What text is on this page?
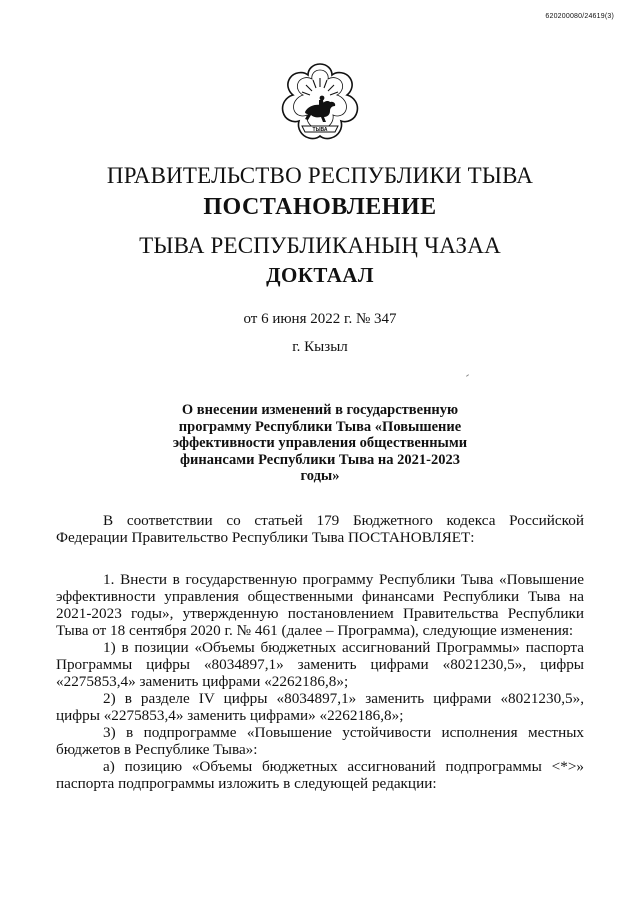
620200080/24619(3)
ТЫВА
ПРАВИТЕЛЬСТВО РЕСПУБЛИКИ ТЫВА
ПОСТАНОВЛЕНИЕ
ТЫВА РЕСПУБЛИКАНЫҢ ЧАЗАА
ДОКТААЛ
от 6 июня 2022 г. № 347
г. Кызыл
О внесении изменений в государственную
программу Республики Тыва «Повышение
эффективности управления общественными
финансами Республики Тыва на 2021-2023 годы»

В соответствии со статьей 179 Бюджетного кодекса Российской Федерации Правительство Республики Тыва ПОСТАНОВЛЯЕТ:

1. Внести в государственную программу Республики Тыва «Повышение эффективности управления общественными финансами Республики Тыва на 2021-2023 годы», утвержденную постановлением Правительства Республики Тыва от 18 сентября 2020 г. № 461 (далее – Программа), следующие изменения:

1) в позиции «Объемы бюджетных ассигнований Программы» паспорта Программы цифры «8034897,1» заменить цифрами «8021230,5», цифры «2275853,4» заменить цифрами «2262186,8»;

2) в разделе IV цифры «8034897,1» заменить цифрами «8021230,5», цифры «2275853,4» заменить цифрами» «2262186,8»;

3) в подпрограмме «Повышение устойчивости исполнения местных бюджетов в Республике Тыва»:

а) позицию «Объемы бюджетных ассигнований подпрограммы <*>» паспорта подпрограммы изложить в следующей редакции:
